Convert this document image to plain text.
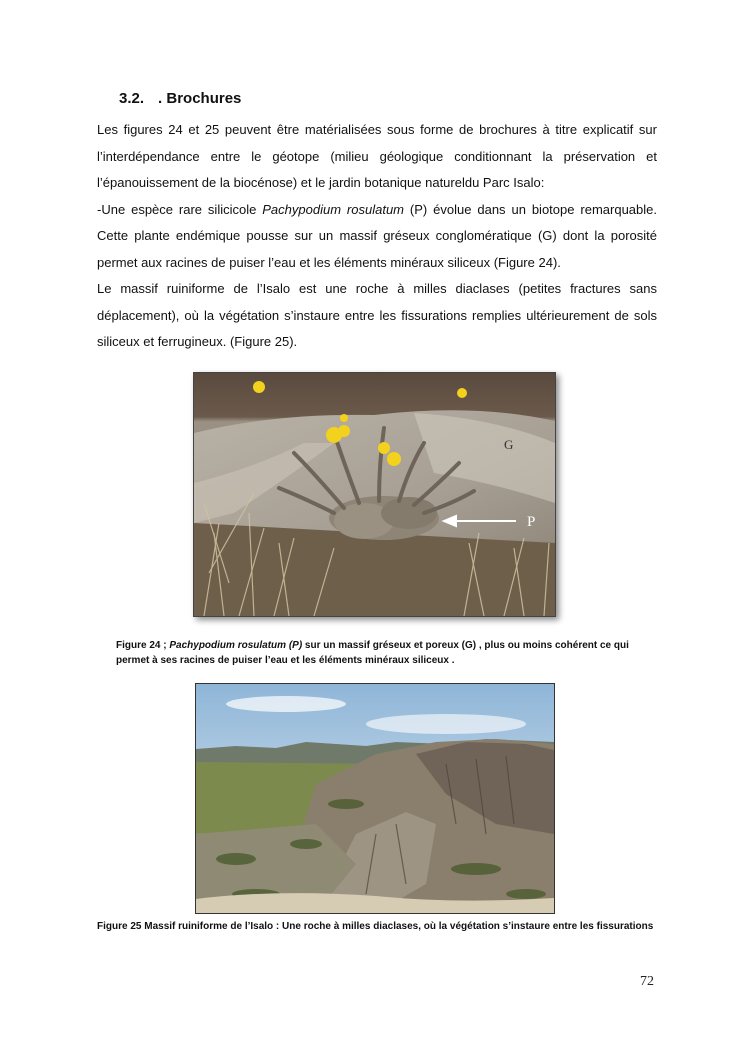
3.2. . Brochures

Les figures 24 et 25 peuvent être matérialisées sous forme de brochures à titre explicatif sur l’interdépendance entre le géotope (milieu géologique conditionnant la préservation et l’épanouissement de la biocénose) et le jardin botanique natureldu Parc Isalo:

-Une espèce rare silicicole Pachypodium rosulatum (P) évolue dans un biotope remarquable. Cette plante endémique pousse sur un massif gréseux conglomératique (G) dont la porosité permet aux racines de puiser l’eau et les éléments minéraux siliceux (Figure 24).

Le massif ruiniforme de l’Isalo est une roche à milles diaclases (petites fractures sans déplacement), où la végétation s’instaure entre les fissurations remplies ultérieurement de sols siliceux et ferrugineux. (Figure 25).

G
P
Figure 24 ; Pachypodium rosulatum (P) sur un massif gréseux et poreux (G) , plus ou moins cohérent ce qui permet à ses racines de puiser l’eau et les éléments minéraux siliceux .
Figure 25 Massif ruiniforme de l’Isalo : Une roche à milles diaclases, où la végétation s’instaure entre les fissurations
72
